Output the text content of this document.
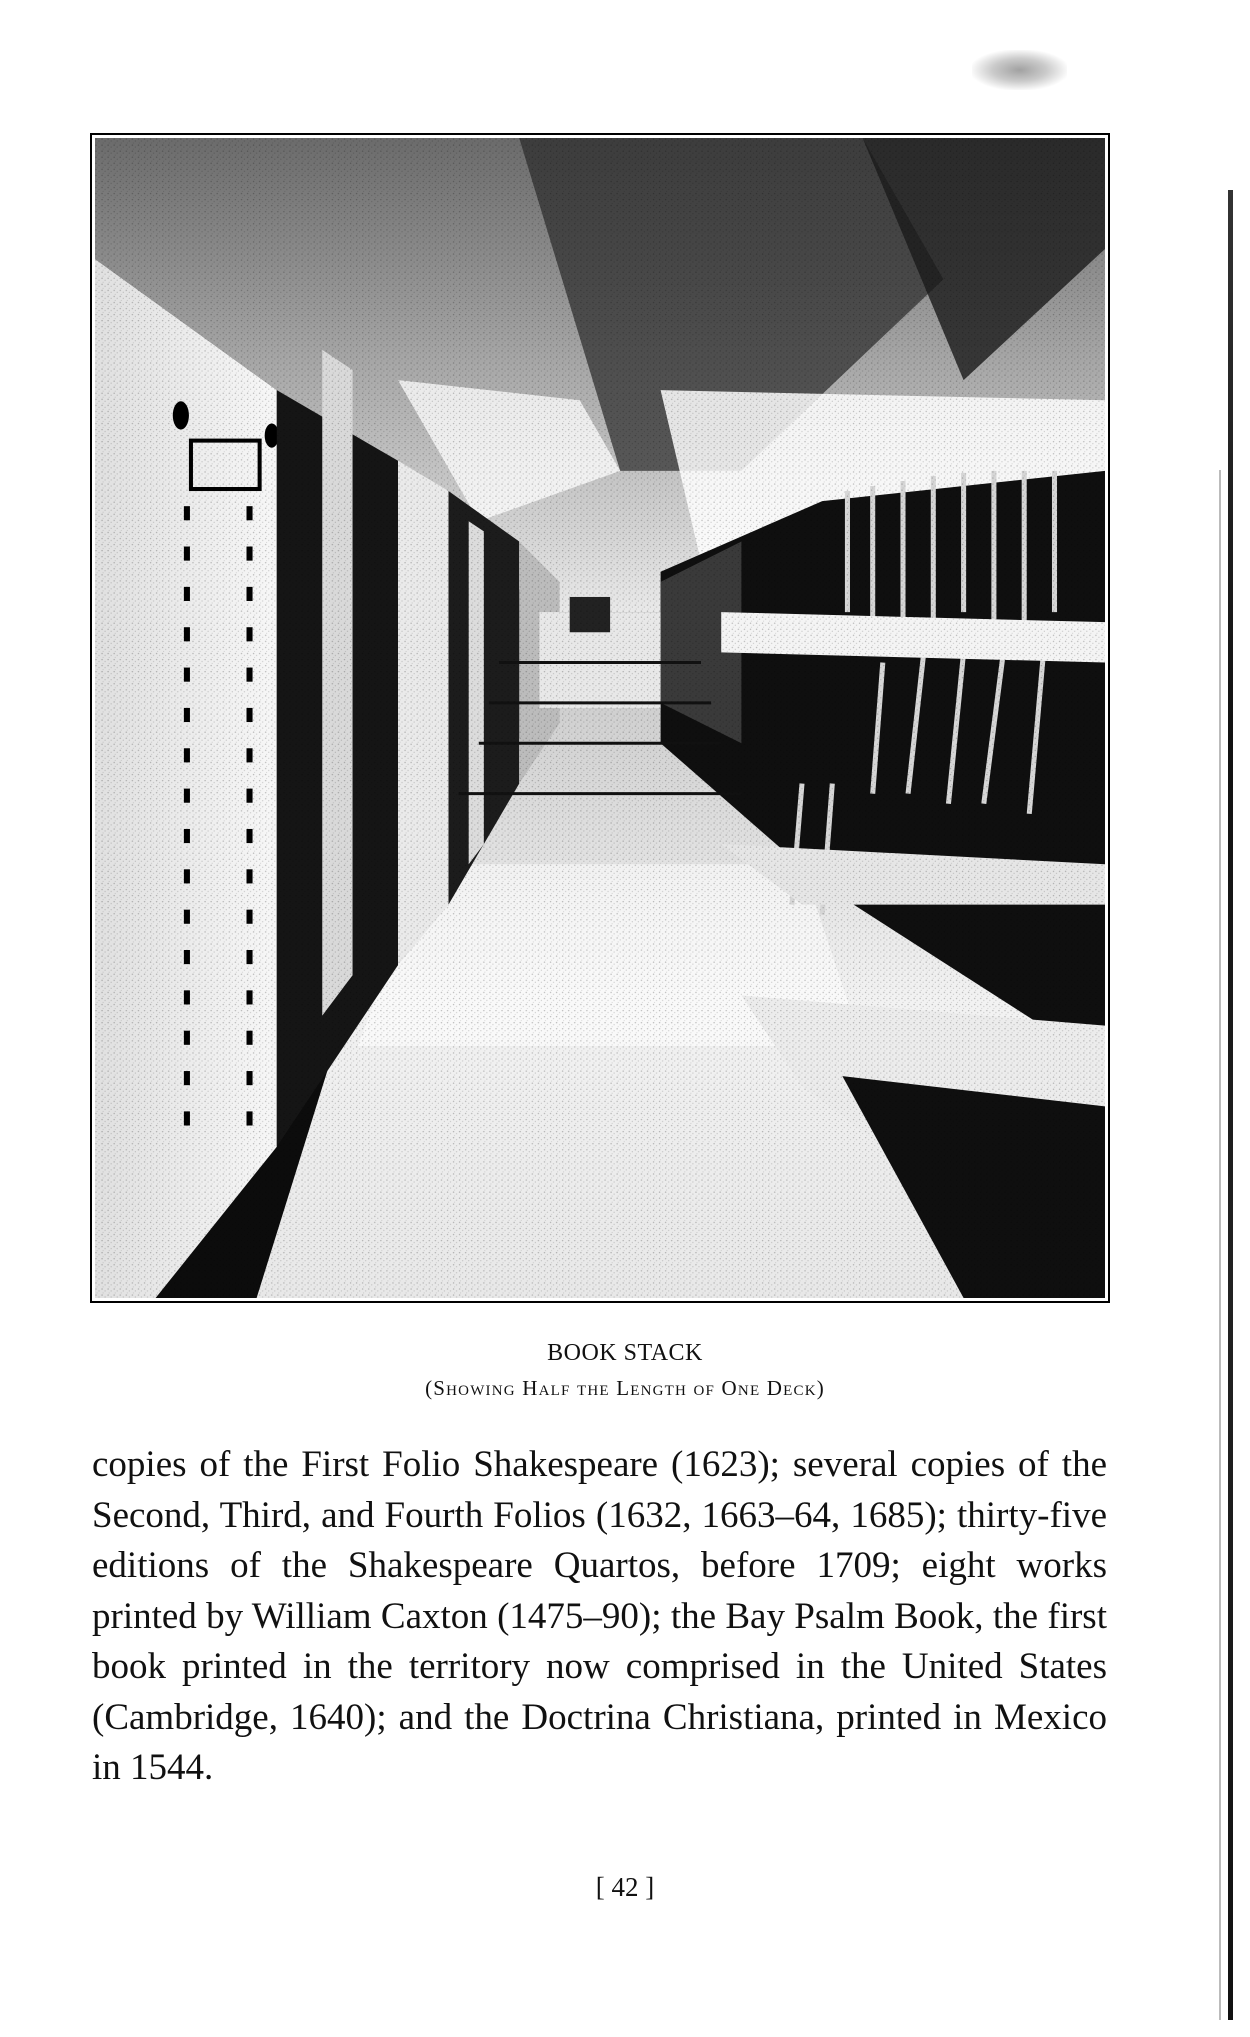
BOOK STACK

(Showing Half the Length of One Deck)

copies of the First Folio Shakespeare (1623); several copies of the Second, Third, and Fourth Folios (1632, 1663–64, 1685); thirty-five editions of the Shakespeare Quartos, before 1709; eight works printed by William Caxton (1475–90); the Bay Psalm Book, the first book printed in the territory now comprised in the United States (Cambridge, 1640); and the Doctrina Christiana, printed in Mexico in 1544.

[ 42 ]
